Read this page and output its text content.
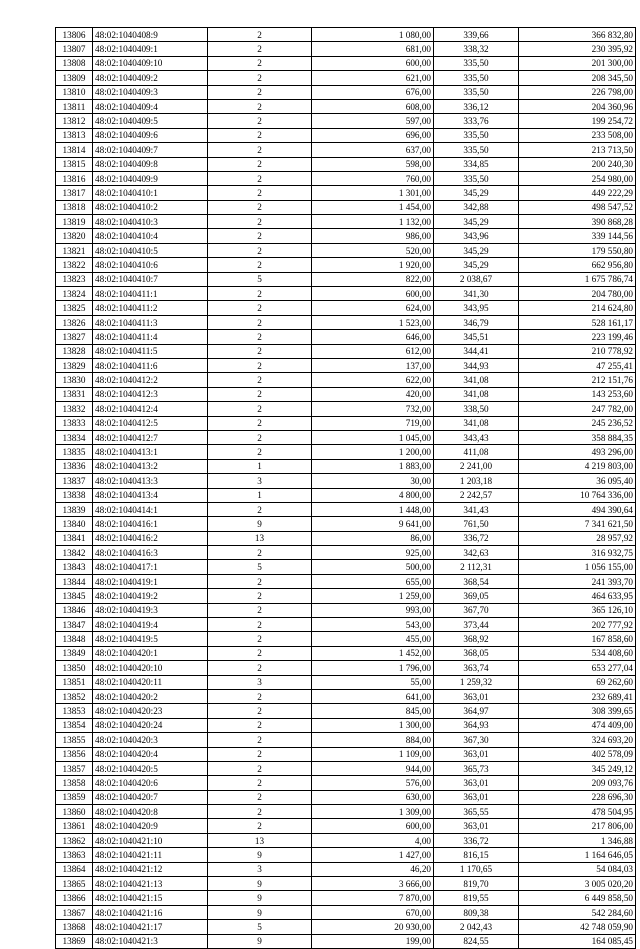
13806	48:02:1040408:9	2	1 080,00	339,66	366 832,80
13807	48:02:1040409:1	2	681,00	338,32	230 395,92
13808	48:02:1040409:10	2	600,00	335,50	201 300,00
13809	48:02:1040409:2	2	621,00	335,50	208 345,50
13810	48:02:1040409:3	2	676,00	335,50	226 798,00
13811	48:02:1040409:4	2	608,00	336,12	204 360,96
13812	48:02:1040409:5	2	597,00	333,76	199 254,72
13813	48:02:1040409:6	2	696,00	335,50	233 508,00
13814	48:02:1040409:7	2	637,00	335,50	213 713,50
13815	48:02:1040409:8	2	598,00	334,85	200 240,30
13816	48:02:1040409:9	2	760,00	335,50	254 980,00
13817	48:02:1040410:1	2	1 301,00	345,29	449 222,29
13818	48:02:1040410:2	2	1 454,00	342,88	498 547,52
13819	48:02:1040410:3	2	1 132,00	345,29	390 868,28
13820	48:02:1040410:4	2	986,00	343,96	339 144,56
13821	48:02:1040410:5	2	520,00	345,29	179 550,80
13822	48:02:1040410:6	2	1 920,00	345,29	662 956,80
13823	48:02:1040410:7	5	822,00	2 038,67	1 675 786,74
13824	48:02:1040411:1	2	600,00	341,30	204 780,00
13825	48:02:1040411:2	2	624,00	343,95	214 624,80
13826	48:02:1040411:3	2	1 523,00	346,79	528 161,17
13827	48:02:1040411:4	2	646,00	345,51	223 199,46
13828	48:02:1040411:5	2	612,00	344,41	210 778,92
13829	48:02:1040411:6	2	137,00	344,93	47 255,41
13830	48:02:1040412:2	2	622,00	341,08	212 151,76
13831	48:02:1040412:3	2	420,00	341,08	143 253,60
13832	48:02:1040412:4	2	732,00	338,50	247 782,00
13833	48:02:1040412:5	2	719,00	341,08	245 236,52
13834	48:02:1040412:7	2	1 045,00	343,43	358 884,35
13835	48:02:1040413:1	2	1 200,00	411,08	493 296,00
13836	48:02:1040413:2	1	1 883,00	2 241,00	4 219 803,00
13837	48:02:1040413:3	3	30,00	1 203,18	36 095,40
13838	48:02:1040413:4	1	4 800,00	2 242,57	10 764 336,00
13839	48:02:1040414:1	2	1 448,00	341,43	494 390,64
13840	48:02:1040416:1	9	9 641,00	761,50	7 341 621,50
13841	48:02:1040416:2	13	86,00	336,72	28 957,92
13842	48:02:1040416:3	2	925,00	342,63	316 932,75
13843	48:02:1040417:1	5	500,00	2 112,31	1 056 155,00
13844	48:02:1040419:1	2	655,00	368,54	241 393,70
13845	48:02:1040419:2	2	1 259,00	369,05	464 633,95
13846	48:02:1040419:3	2	993,00	367,70	365 126,10
13847	48:02:1040419:4	2	543,00	373,44	202 777,92
13848	48:02:1040419:5	2	455,00	368,92	167 858,60
13849	48:02:1040420:1	2	1 452,00	368,05	534 408,60
13850	48:02:1040420:10	2	1 796,00	363,74	653 277,04
13851	48:02:1040420:11	3	55,00	1 259,32	69 262,60
13852	48:02:1040420:2	2	641,00	363,01	232 689,41
13853	48:02:1040420:23	2	845,00	364,97	308 399,65
13854	48:02:1040420:24	2	1 300,00	364,93	474 409,00
13855	48:02:1040420:3	2	884,00	367,30	324 693,20
13856	48:02:1040420:4	2	1 109,00	363,01	402 578,09
13857	48:02:1040420:5	2	944,00	365,73	345 249,12
13858	48:02:1040420:6	2	576,00	363,01	209 093,76
13859	48:02:1040420:7	2	630,00	363,01	228 696,30
13860	48:02:1040420:8	2	1 309,00	365,55	478 504,95
13861	48:02:1040420:9	2	600,00	363,01	217 806,00
13862	48:02:1040421:10	13	4,00	336,72	1 346,88
13863	48:02:1040421:11	9	1 427,00	816,15	1 164 646,05
13864	48:02:1040421:12	3	46,20	1 170,65	54 084,03
13865	48:02:1040421:13	9	3 666,00	819,70	3 005 020,20
13866	48:02:1040421:15	9	7 870,00	819,55	6 449 858,50
13867	48:02:1040421:16	9	670,00	809,38	542 284,60
13868	48:02:1040421:17	5	20 930,00	2 042,43	42 748 059,90
13869	48:02:1040421:3	9	199,00	824,55	164 085,45
